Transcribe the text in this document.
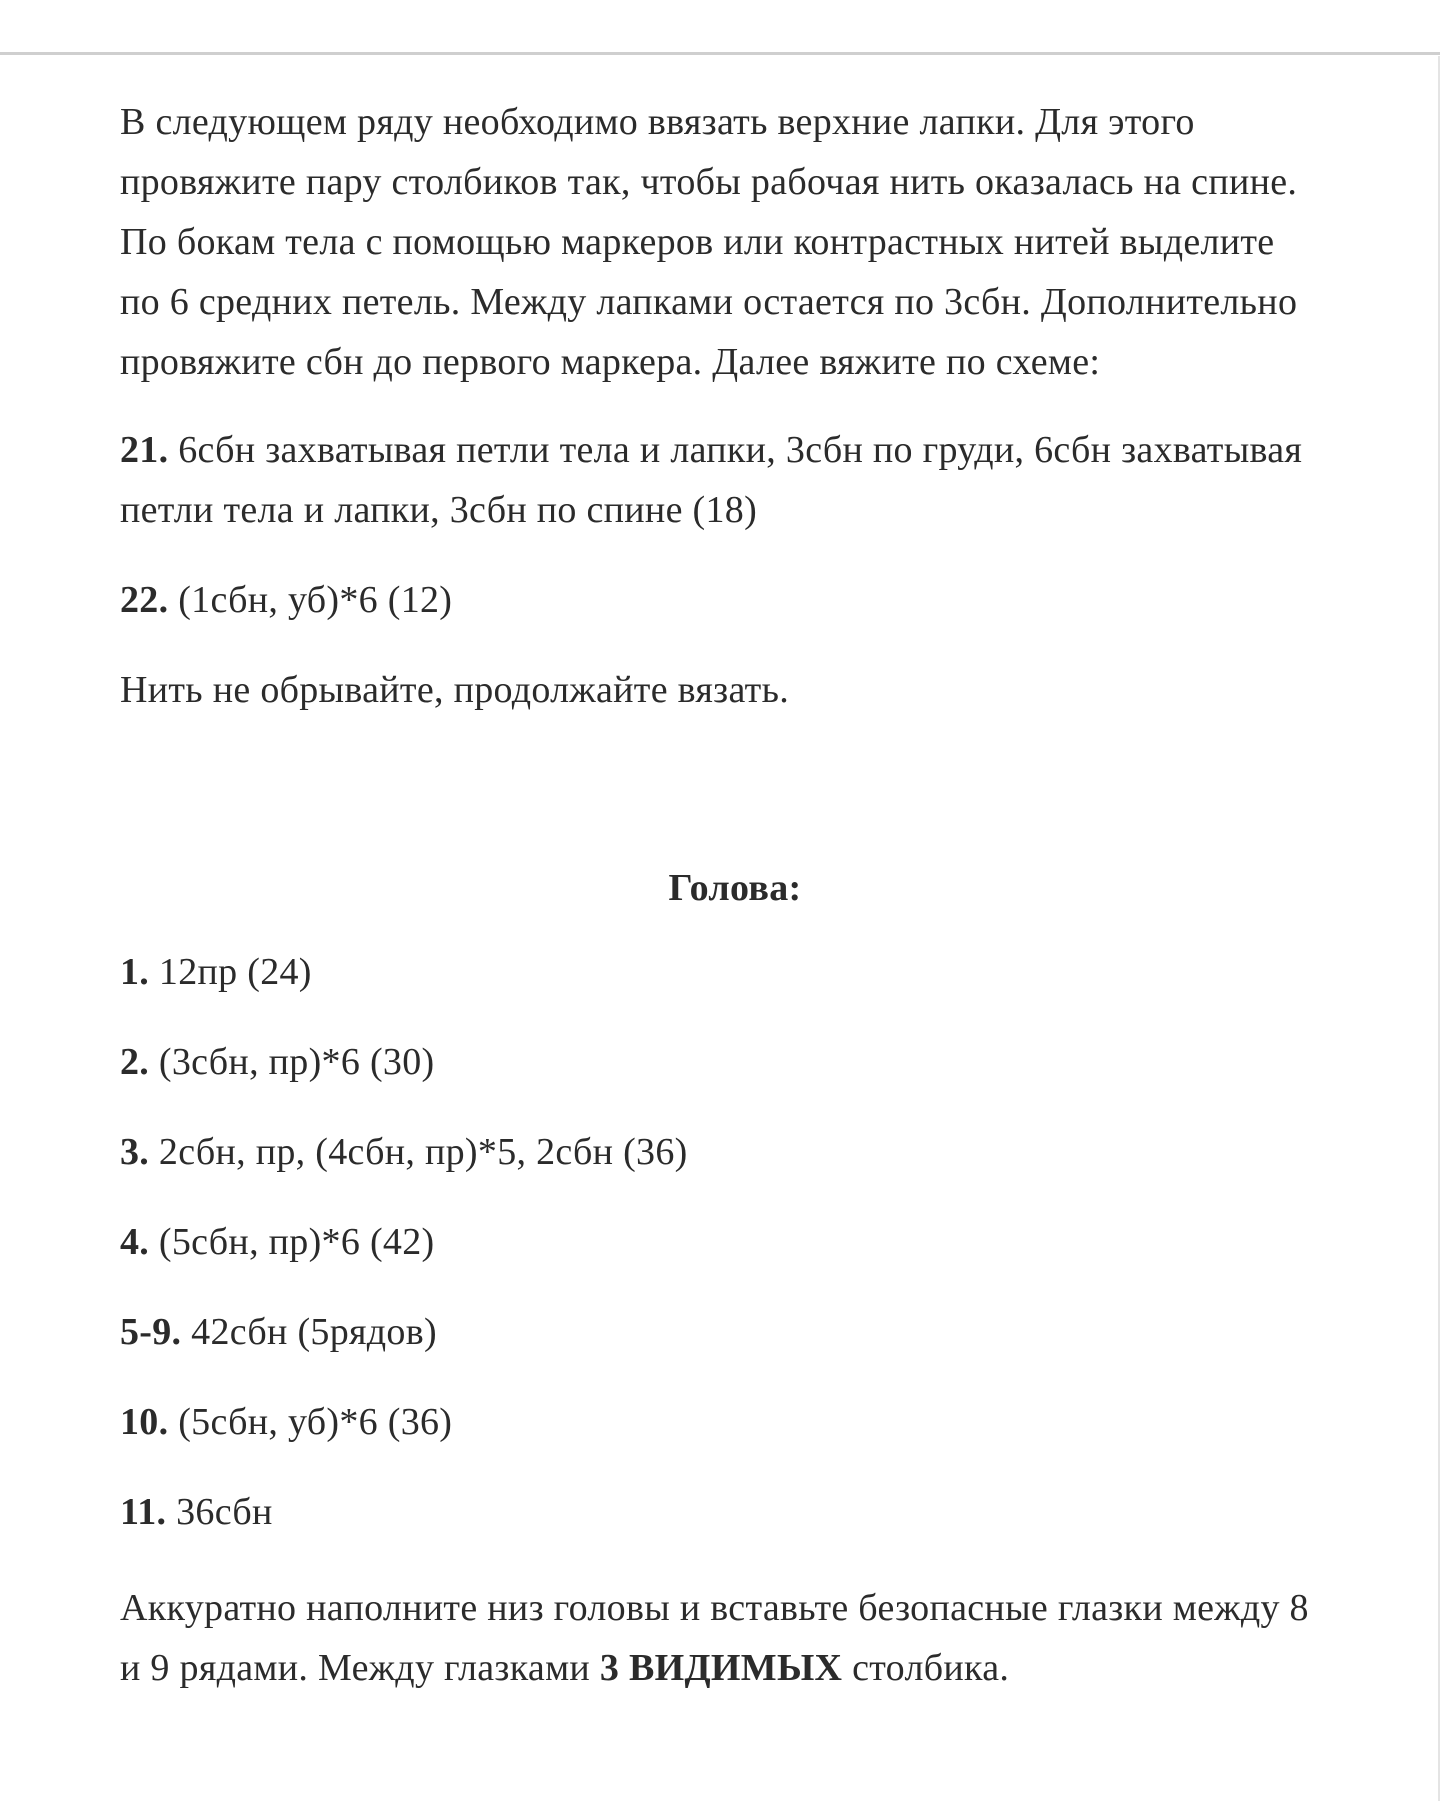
В следующем ряду необходимо ввязать верхние лапки. Для этого провяжите пару столбиков так, чтобы рабочая нить оказалась на спине. По бокам тела с помощью маркеров или контрастных нитей выделите по 6 средних петель. Между лапками остается по 3сбн. Дополнительно провяжите сбн до первого маркера. Далее вяжите по схеме:

21. 6сбн захватывая петли тела и лапки, 3сбн по груди, 6сбн захватывая петли тела и лапки, 3сбн по спине (18)

22. (1сбн, уб)*6 (12)

Нить не обрывайте, продолжайте вязать.

Голова:

1. 12пр (24)

2. (3сбн, пр)*6 (30)

3. 2сбн, пр, (4сбн, пр)*5, 2сбн (36)

4. (5сбн, пр)*6 (42)

5-9. 42сбн (5рядов)

10. (5сбн, уб)*6 (36)

11. 36сбн

Аккуратно наполните низ головы и вставьте безопасные глазки между 8 и 9 рядами. Между глазками 3 ВИДИМЫХ столбика.
